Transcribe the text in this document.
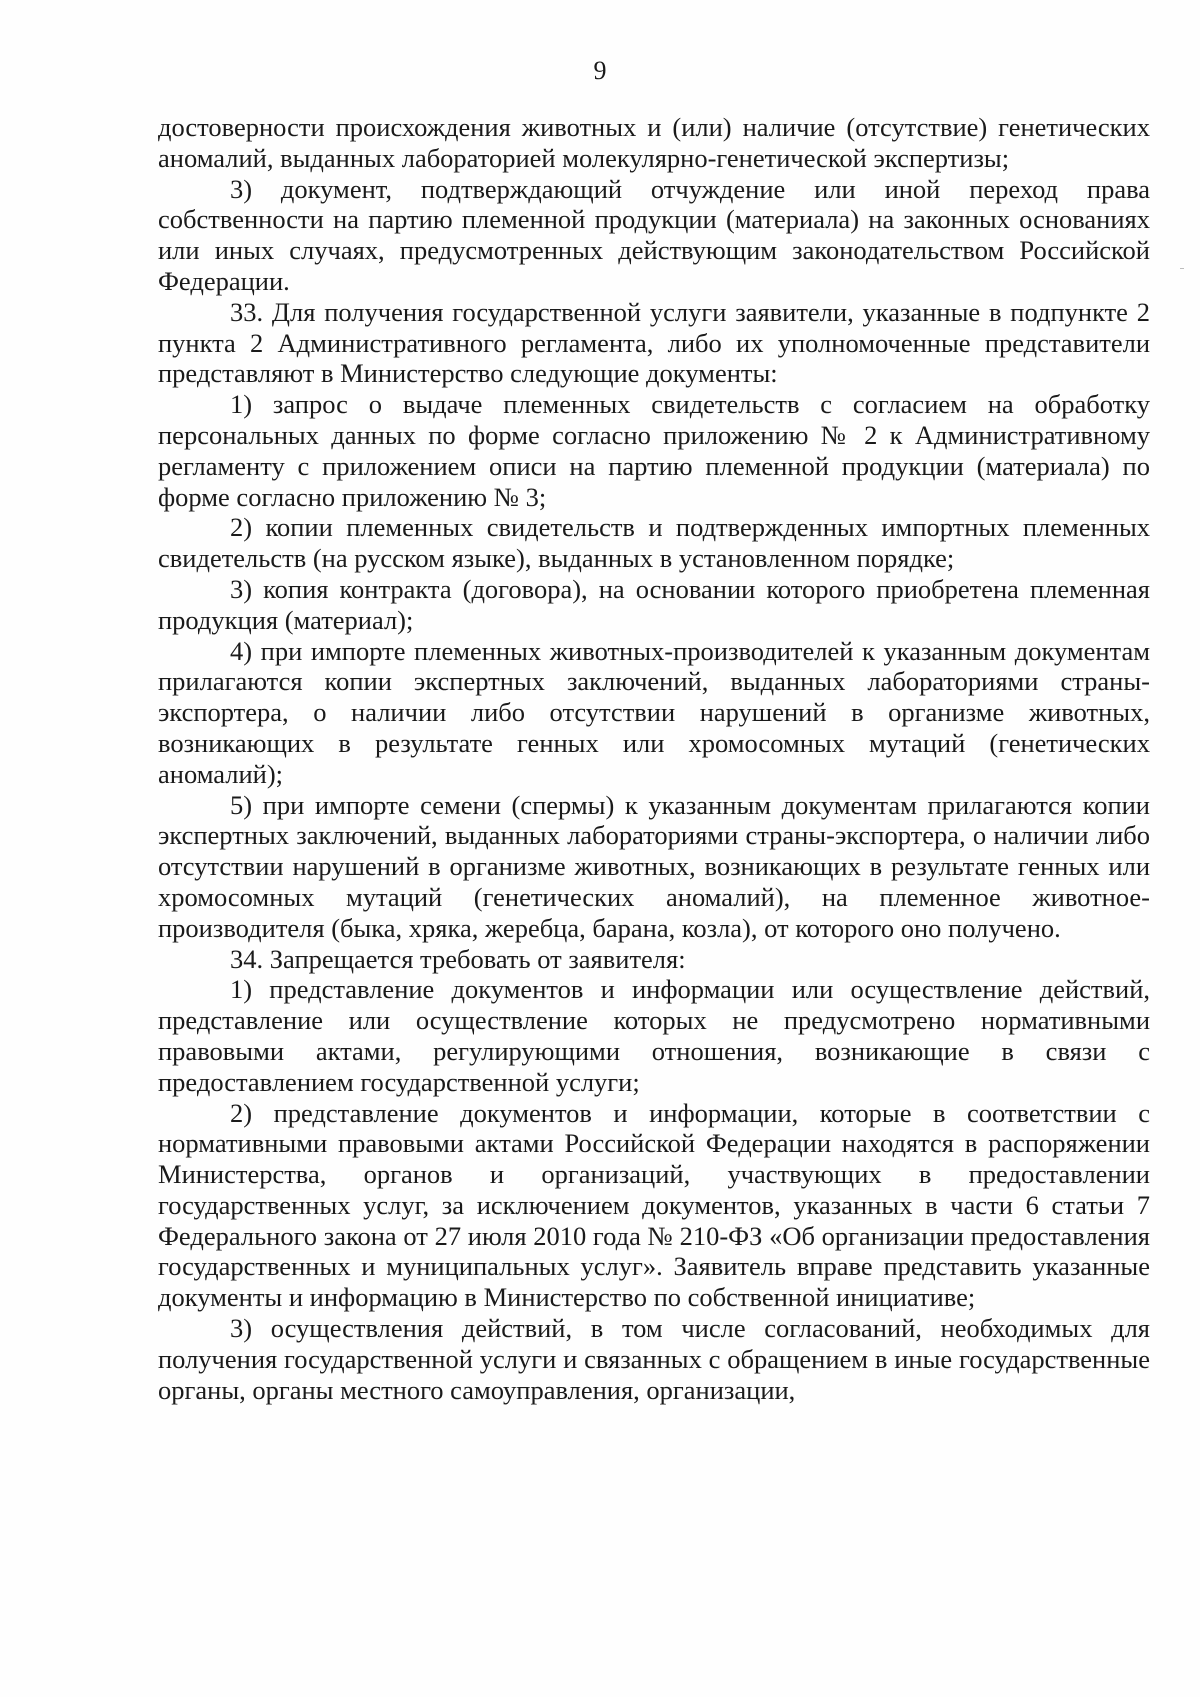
9

достоверности происхождения животных и (или) наличие (отсутствие) генетических аномалий, выданных лабораторией молекулярно-генетической экспертизы;

3) документ, подтверждающий отчуждение или иной переход права собственности на партию племенной продукции (материала) на законных основаниях или иных случаях, предусмотренных действующим законодательством Российской Федерации.

33. Для получения государственной услуги заявители, указанные в подпункте 2 пункта 2 Административного регламента, либо их уполномоченные представители представляют в Министерство следующие документы:

1) запрос о выдаче племенных свидетельств с согласием на обработку персональных данных по форме согласно приложению № 2 к Административному регламенту с приложением описи на партию племенной продукции (материала) по форме согласно приложению № 3;

2) копии племенных свидетельств и подтвержденных импортных племенных свидетельств (на русском языке), выданных в установленном порядке;

3) копия контракта (договора), на основании которого приобретена племенная продукция (материал);

4) при импорте племенных животных-производителей к указанным документам прилагаются копии экспертных заключений, выданных лабораториями страны-экспортера, о наличии либо отсутствии нарушений в организме животных, возникающих в результате генных или хромосомных мутаций (генетических аномалий);

5) при импорте семени (спермы) к указанным документам прилагаются копии экспертных заключений, выданных лабораториями страны-экспортера, о наличии либо отсутствии нарушений в организме животных, возникающих в результате генных или хромосомных мутаций (генетических аномалий), на племенное животное-производителя (быка, хряка, жеребца, барана, козла), от которого оно получено.

34. Запрещается требовать от заявителя:

1) представление документов и информации или осуществление действий, представление или осуществление которых не предусмотрено нормативными правовыми актами, регулирующими отношения, возникающие в связи с предоставлением государственной услуги;

2) представление документов и информации, которые в соответствии с нормативными правовыми актами Российской Федерации находятся в распоряжении Министерства, органов и организаций, участвующих в предоставлении государственных услуг, за исключением документов, указанных в части 6 статьи 7 Федерального закона от 27 июля 2010 года № 210-ФЗ «Об организации предоставления государственных и муниципальных услуг». Заявитель вправе представить указанные документы и информацию в Министерство по собственной инициативе;

3) осуществления действий, в том числе согласований, необходимых для получения государственной услуги и связанных с обращением в иные государственные органы, органы местного самоуправления, организации,
